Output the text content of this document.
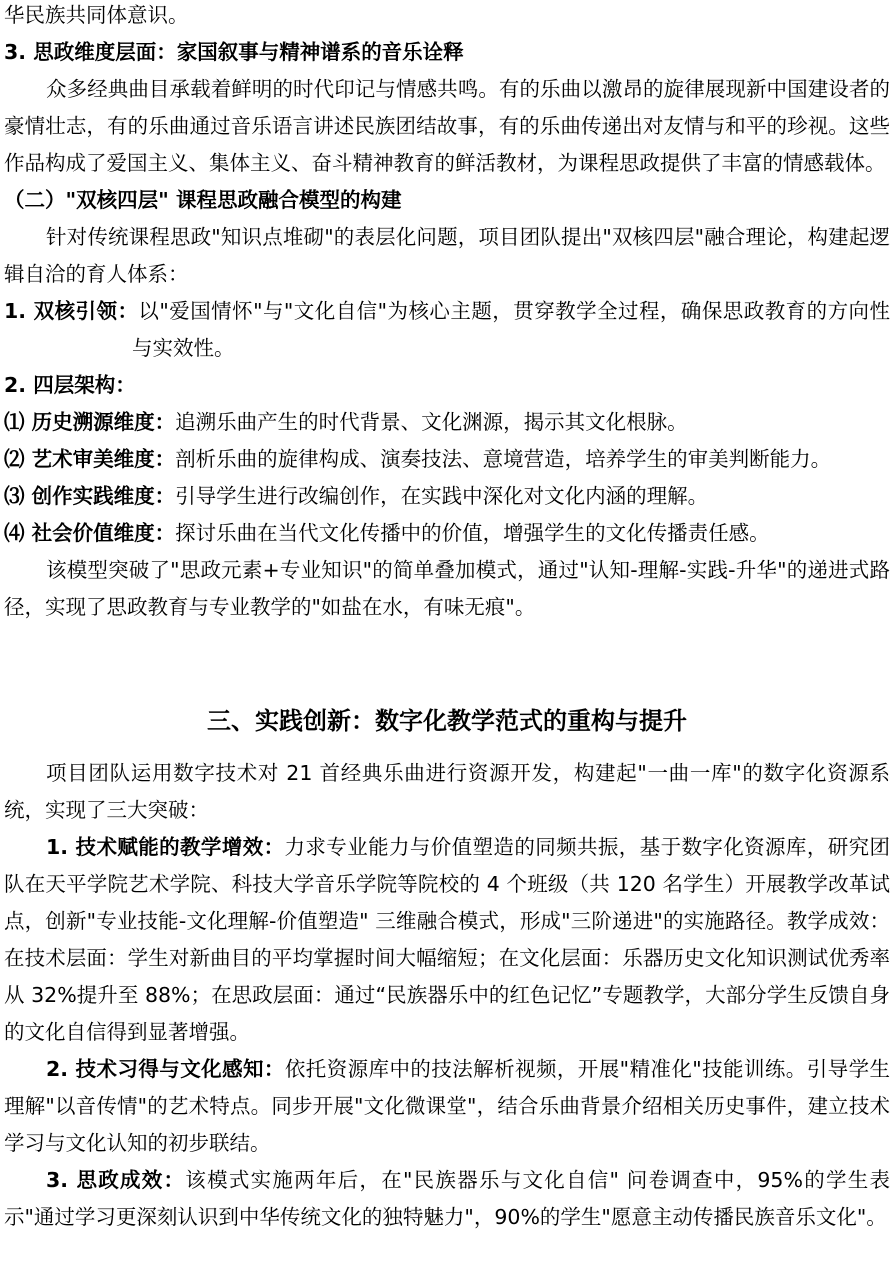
华民族共同体意识。

3. 思政维度层面：家国叙事与精神谱系的音乐诠释

众多经典曲目承载着鲜明的时代印记与情感共鸣。有的乐曲以激昂的旋律展现新中国建设者的豪情壮志，有的乐曲通过音乐语言讲述民族团结故事，有的乐曲传递出对友情与和平的珍视。这些作品构成了爱国主义、集体主义、奋斗精神教育的鲜活教材，为课程思政提供了丰富的情感载体。

（二）"双核四层" 课程思政融合模型的构建

针对传统课程思政"知识点堆砌"的表层化问题，项目团队提出"双核四层"融合理论，构建起逻辑自洽的育人体系：

1. 双核引领：以"爱国情怀"与"文化自信"为核心主题，贯穿教学全过程，确保思政教育的方向性与实效性。

2. 四层架构：

⑴ 历史溯源维度：追溯乐曲产生的时代背景、文化渊源，揭示其文化根脉。

⑵ 艺术审美维度：剖析乐曲的旋律构成、演奏技法、意境营造，培养学生的审美判断能力。

⑶ 创作实践维度：引导学生进行改编创作，在实践中深化对文化内涵的理解。

⑷ 社会价值维度：探讨乐曲在当代文化传播中的价值，增强学生的文化传播责任感。

该模型突破了"思政元素+专业知识"的简单叠加模式，通过"认知-理解-实践-升华"的递进式路径，实现了思政教育与专业教学的"如盐在水，有味无痕"。

三、实践创新：数字化教学范式的重构与提升

项目团队运用数字技术对 21 首经典乐曲进行资源开发，构建起"一曲一库"的数字化资源系统，实现了三大突破：

1. 技术赋能的教学增效：力求专业能力与价值塑造的同频共振，基于数字化资源库，研究团队在天平学院艺术学院、科技大学音乐学院等院校的 4 个班级（共 120 名学生）开展教学改革试点，创新"专业技能-文化理解-价值塑造" 三维融合模式，形成"三阶递进"的实施路径。教学成效：在技术层面：学生对新曲目的平均掌握时间大幅缩短；在文化层面：乐器历史文化知识测试优秀率从 32%提升至 88%；在思政层面：通过“民族器乐中的红色记忆”专题教学，大部分学生反馈自身的文化自信得到显著增强。

2. 技术习得与文化感知：依托资源库中的技法解析视频，开展"精准化"技能训练。引导学生理解"以音传情"的艺术特点。同步开展"文化微课堂"，结合乐曲背景介绍相关历史事件，建立技术学习与文化认知的初步联结。

3. 思政成效：该模式实施两年后，在"民族器乐与文化自信" 问卷调查中，95%的学生表示"通过学习更深刻认识到中华传统文化的独特魅力"，90%的学生"愿意主动传播民族音乐文化"。
